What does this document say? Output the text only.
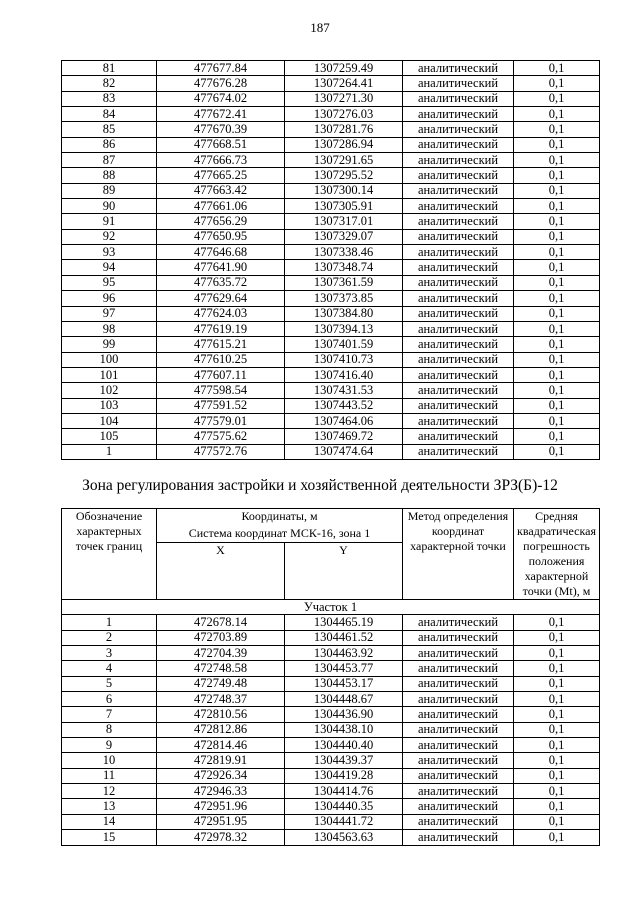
187
81	477677.84	1307259.49	аналитический	0,1
82	477676.28	1307264.41	аналитический	0,1
83	477674.02	1307271.30	аналитический	0,1
84	477672.41	1307276.03	аналитический	0,1
85	477670.39	1307281.76	аналитический	0,1
86	477668.51	1307286.94	аналитический	0,1
87	477666.73	1307291.65	аналитический	0,1
88	477665.25	1307295.52	аналитический	0,1
89	477663.42	1307300.14	аналитический	0,1
90	477661.06	1307305.91	аналитический	0,1
91	477656.29	1307317.01	аналитический	0,1
92	477650.95	1307329.07	аналитический	0,1
93	477646.68	1307338.46	аналитический	0,1
94	477641.90	1307348.74	аналитический	0,1
95	477635.72	1307361.59	аналитический	0,1
96	477629.64	1307373.85	аналитический	0,1
97	477624.03	1307384.80	аналитический	0,1
98	477619.19	1307394.13	аналитический	0,1
99	477615.21	1307401.59	аналитический	0,1
100	477610.25	1307410.73	аналитический	0,1
101	477607.11	1307416.40	аналитический	0,1
102	477598.54	1307431.53	аналитический	0,1
103	477591.52	1307443.52	аналитический	0,1
104	477579.01	1307464.06	аналитический	0,1
105	477575.62	1307469.72	аналитический	0,1
1	477572.76	1307474.64	аналитический	0,1
Зона регулирования застройки и хозяйственной деятельности ЗРЗ(Б)-12
Обозначение характерных точек границ	Координаты, м		Метод определения координат характерной точки	Средняя квадратическая погрешность положения характерной точки (Mt), м
	Система координат МСК-16, зона 1			
	X	Y		
Участок 1				
1	472678.14	1304465.19	аналитический	0,1
2	472703.89	1304461.52	аналитический	0,1
3	472704.39	1304463.92	аналитический	0,1
4	472748.58	1304453.77	аналитический	0,1
5	472749.48	1304453.17	аналитический	0,1
6	472748.37	1304448.67	аналитический	0,1
7	472810.56	1304436.90	аналитический	0,1
8	472812.86	1304438.10	аналитический	0,1
9	472814.46	1304440.40	аналитический	0,1
10	472819.91	1304439.37	аналитический	0,1
11	472926.34	1304419.28	аналитический	0,1
12	472946.33	1304414.76	аналитический	0,1
13	472951.96	1304440.35	аналитический	0,1
14	472951.95	1304441.72	аналитический	0,1
15	472978.32	1304563.63	аналитический	0,1
